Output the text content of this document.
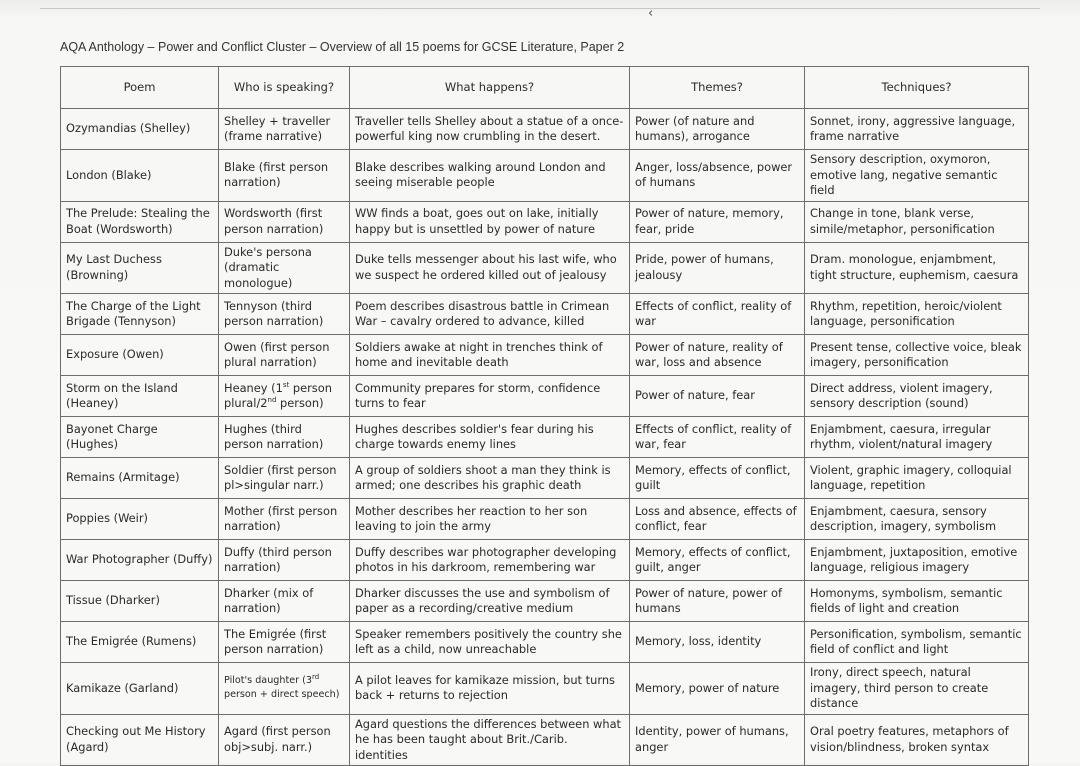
‹
AQA Anthology – Power and Conflict Cluster – Overview of all 15 poems for GCSE Literature, Paper 2
Poem	Who is speaking?	What happens?	Themes?	Techniques?
Ozymandias (Shelley)	Shelley + traveller (frame narrative)	Traveller tells Shelley about a statue of a once-powerful king now crumbling in the desert.	Power (of nature and humans), arrogance	Sonnet, irony, aggressive language, frame narrative
London (Blake)	Blake (first person narration)	Blake describes walking around London and seeing miserable people	Anger, loss/absence, power of humans	Sensory description, oxymoron, emotive lang, negative semantic field
The Prelude: Stealing the Boat (Wordsworth)	Wordsworth (first person narration)	WW finds a boat, goes out on lake, initially happy but is unsettled by power of nature	Power of nature, memory, fear, pride	Change in tone, blank verse, simile/metaphor, personification
My Last Duchess (Browning)	Duke's persona (dramatic monologue)	Duke tells messenger about his last wife, who we suspect he ordered killed out of jealousy	Pride, power of humans, jealousy	Dram. monologue, enjambment, tight structure, euphemism, caesura
The Charge of the Light Brigade (Tennyson)	Tennyson (third person narration)	Poem describes disastrous battle in Crimean War – cavalry ordered to advance, killed	Effects of conflict, reality of war	Rhythm, repetition, heroic/violent language, personification
Exposure (Owen)	Owen (first person plural narration)	Soldiers awake at night in trenches think of home and inevitable death	Power of nature, reality of war, loss and absence	Present tense, collective voice, bleak imagery, personification
Storm on the Island (Heaney)	Heaney (1st person plural/2nd person)	Community prepares for storm, confidence turns to fear	Power of nature, fear	Direct address, violent imagery, sensory description (sound)
Bayonet Charge (Hughes)	Hughes (third person narration)	Hughes describes soldier's fear during his charge towards enemy lines	Effects of conflict, reality of war, fear	Enjambment, caesura, irregular rhythm, violent/natural imagery
Remains (Armitage)	Soldier (first person pl>singular narr.)	A group of soldiers shoot a man they think is armed; one describes his graphic death	Memory, effects of conflict, guilt	Violent, graphic imagery, colloquial language, repetition
Poppies (Weir)	Mother (first person narration)	Mother describes her reaction to her son leaving to join the army	Loss and absence, effects of conflict, fear	Enjambment, caesura, sensory description, imagery, symbolism
War Photographer (Duffy)	Duffy (third person narration)	Duffy describes war photographer developing photos in his darkroom, remembering war	Memory, effects of conflict, guilt, anger	Enjambment, juxtaposition, emotive language, religious imagery
Tissue (Dharker)	Dharker (mix of narration)	Dharker discusses the use and symbolism of paper as a recording/creative medium	Power of nature, power of humans	Homonyms, symbolism, semantic fields of light and creation
The Emigrée (Rumens)	The Emigrée (first person narration)	Speaker remembers positively the country she left as a child, now unreachable	Memory, loss, identity	Personification, symbolism, semantic field of conflict and light
Kamikaze (Garland)	Pilot's daughter (3rd person + direct speech)	A pilot leaves for kamikaze mission, but turns back + returns to rejection	Memory, power of nature	Irony, direct speech, natural imagery, third person to create distance
Checking out Me History (Agard)	Agard (first person obj>subj. narr.)	Agard questions the differences between what he has been taught about Brit./Carib. identities	Identity, power of humans, anger	Oral poetry features, metaphors of vision/blindness, broken syntax
